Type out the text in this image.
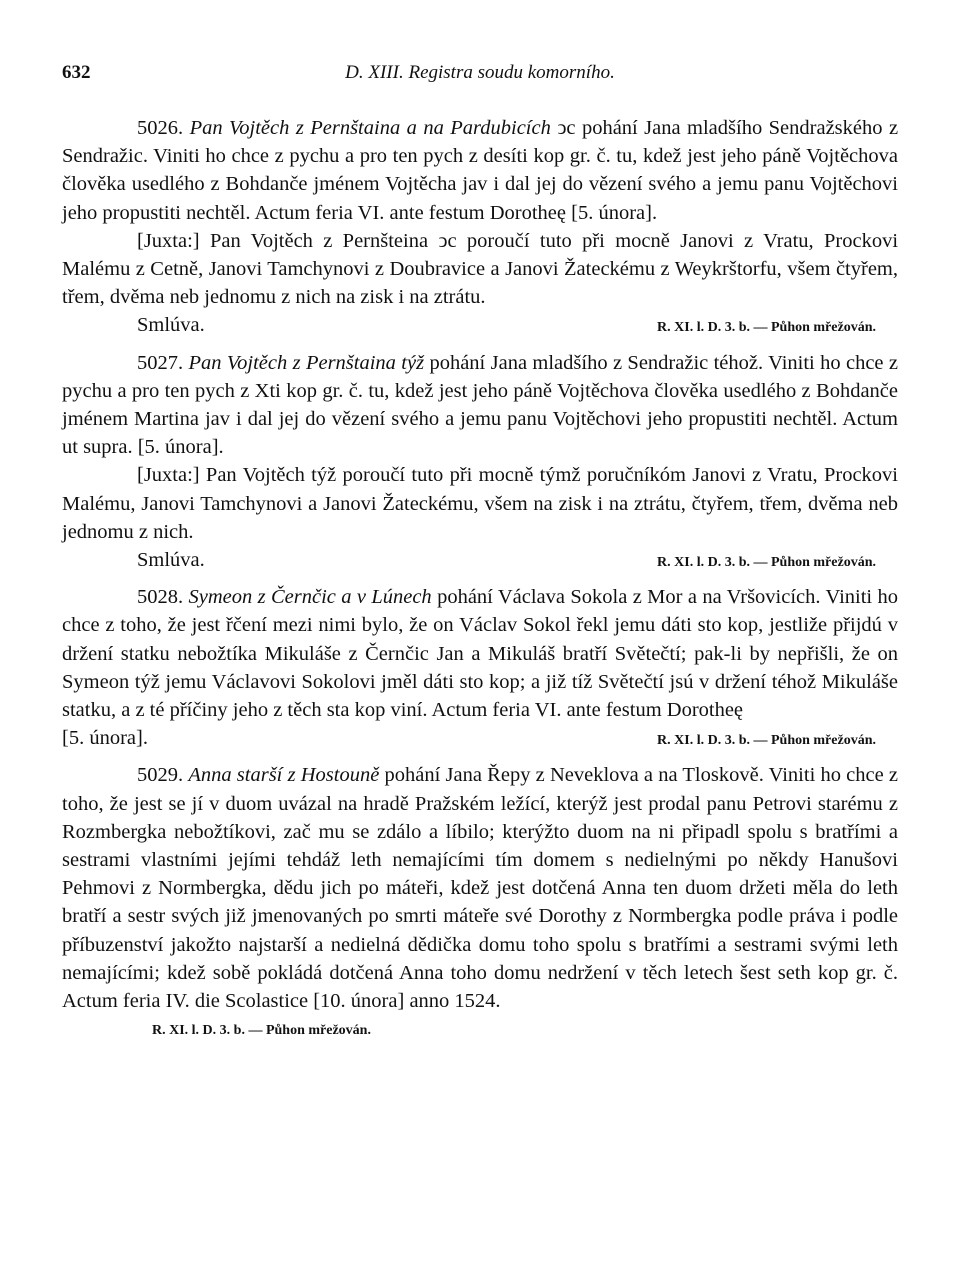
632	D. XIII. Registra soudu komorního.

5026. Pan Vojtěch z Pernštaina a na Pardubicích ↄc pohání Jana mladšího Sendražského z Sendražic. Viniti ho chce z pychu a pro ten pych z desíti kop gr. č. tu, kdež jest jeho páně Vojtěchova člověka usedlého z Bohdanče jménem Vojtěcha jav i dal jej do vězení svého a jemu panu Vojtěchovi jeho propustiti nechtěl. Actum feria VI. ante festum Dorotheę [5. února].

[Juxta:] Pan Vojtěch z Pernšteina ↄc poroučí tuto při mocně Janovi z Vratu, Prockovi Malému z Cetně, Janovi Tamchynovi z Doubravice a Janovi Žateckému z Weykrštorfu, všem čtyřem, třem, dvěma neb jednomu z nich na zisk i na ztrátu.

Smlúva.	R. XI. l. D. 3. b. — Půhon mřežován.

5027. Pan Vojtěch z Pernštaina týž pohání Jana mladšího z Sendražic téhož. Viniti ho chce z pychu a pro ten pych z Xti kop gr. č. tu, kdež jest jeho páně Vojtěchova člověka usedlého z Bohdanče jménem Martina jav i dal jej do vězení svého a jemu panu Vojtěchovi jeho propustiti nechtěl. Actum ut supra. [5. února].

[Juxta:] Pan Vojtěch týž poroučí tuto při mocně týmž poručníkóm Janovi z Vratu, Prockovi Malému, Janovi Tamchynovi a Janovi Žateckému, všem na zisk i na ztrátu, čtyřem, třem, dvěma neb jednomu z nich.

Smlúva.	R. XI. l. D. 3. b. — Půhon mřežován.

5028. Symeon z Černčic a v Lúnech pohání Václava Sokola z Mor a na Vršovicích. Viniti ho chce z toho, že jest řčení mezi nimi bylo, že on Václav Sokol řekl jemu dáti sto kop, jestliže přijdú v držení statku nebožtíka Mikuláše z Černčic Jan a Mikuláš bratří Světečtí; pak-li by nepřišli, že on Symeon týž jemu Václavovi Sokolovi jměl dáti sto kop; a již tíž Světečtí jsú v držení téhož Mikuláše statku, a z té příčiny jeho z těch sta kop viní. Actum feria VI. ante festum Dorotheę

[5. února].	R. XI. l. D. 3. b. — Půhon mřežován.

5029. Anna starší z Hostouně pohání Jana Řepy z Neveklova a na Tloskově. Viniti ho chce z toho, že jest se jí v duom uvázal na hradě Pražském ležící, kterýž jest prodal panu Petrovi starému z Rozmbergka nebožtíkovi, zač mu se zdálo a líbilo; kterýžto duom na ni připadl spolu s bratřími a sestrami vlastními jejími tehdáž leth nemajícími tím domem s nedielnými po někdy Hanušovi Pehmovi z Normbergka, dědu jich po máteři, kdež jest dotčená Anna ten duom držeti měla do leth bratří a sestr svých již jmenovaných po smrti máteře své Dorothy z Normbergka podle práva i podle příbuzenství jakožto najstarší a nedielná dědička domu toho spolu s bratřími a sestrami svými leth nemajícími; kdež sobě pokládá dotčená Anna toho domu nedržení v těch letech šest seth kop gr. č. Actum feria IV. die Scolastice [10. února] anno 1524.

R. XI. l. D. 3. b. — Půhon mřežován.
